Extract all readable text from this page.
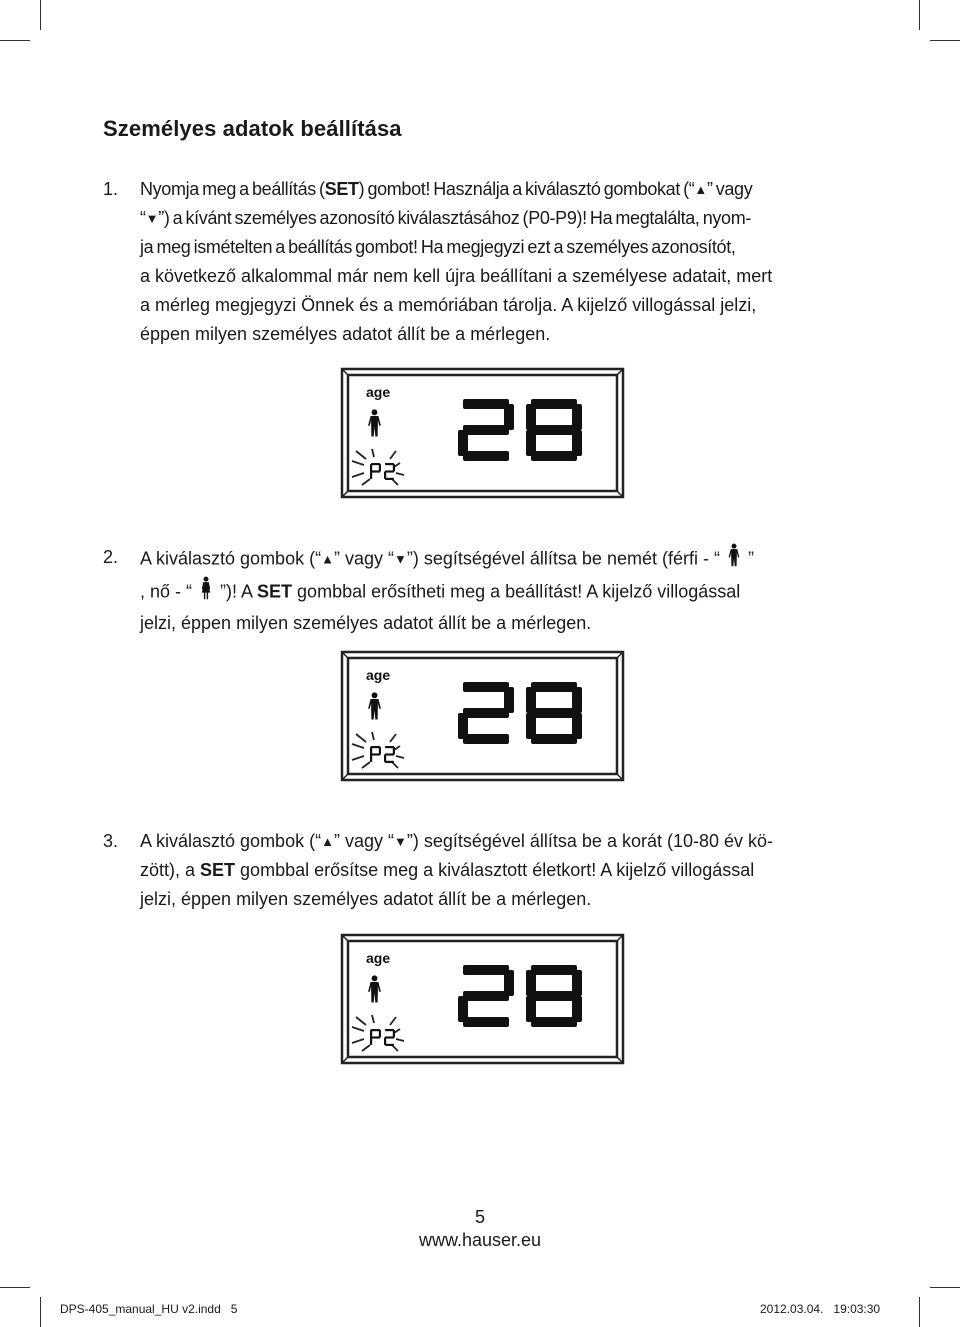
Személyes adatok beállítása
1. Nyomja meg a beállítás (SET) gombot! Használja a kiválasztó gombokat (“▲” vagy
“▼”) a kívánt személyes azonosító kiválasztásához (P0-P9)! Ha megtalálta, nyom-
ja meg ismételten a beállítás gombot! Ha megjegyzi ezt a személyes azonosítót,
a következő alkalommal már nem kell újra beállítani a személyese adatait, mert
a mérleg megjegyzi Önnek és a memóriában tárolja. A kijelző villogással jelzi,
éppen milyen személyes adatot állít be a mérlegen.
age
2. A kiválasztó gombok (“▲” vagy “▼”) segítségével állítsa be nemét (férfi - “ ”
, nő - “ ”)! A SET gombbal erősítheti meg a beállítást! A kijelző villogással
jelzi, éppen milyen személyes adatot állít be a mérlegen.
age
3. A kiválasztó gombok (“▲” vagy “▼”) segítségével állítsa be a korát (10-80 év kö-
zött), a SET gombbal erősítse meg a kiválasztott életkort! A kijelző villogással
jelzi, éppen milyen személyes adatot állít be a mérlegen.
age
5
www.hauser.eu
DPS-405_manual_HU v2.indd   5	2012.03.04.   19:03:30
